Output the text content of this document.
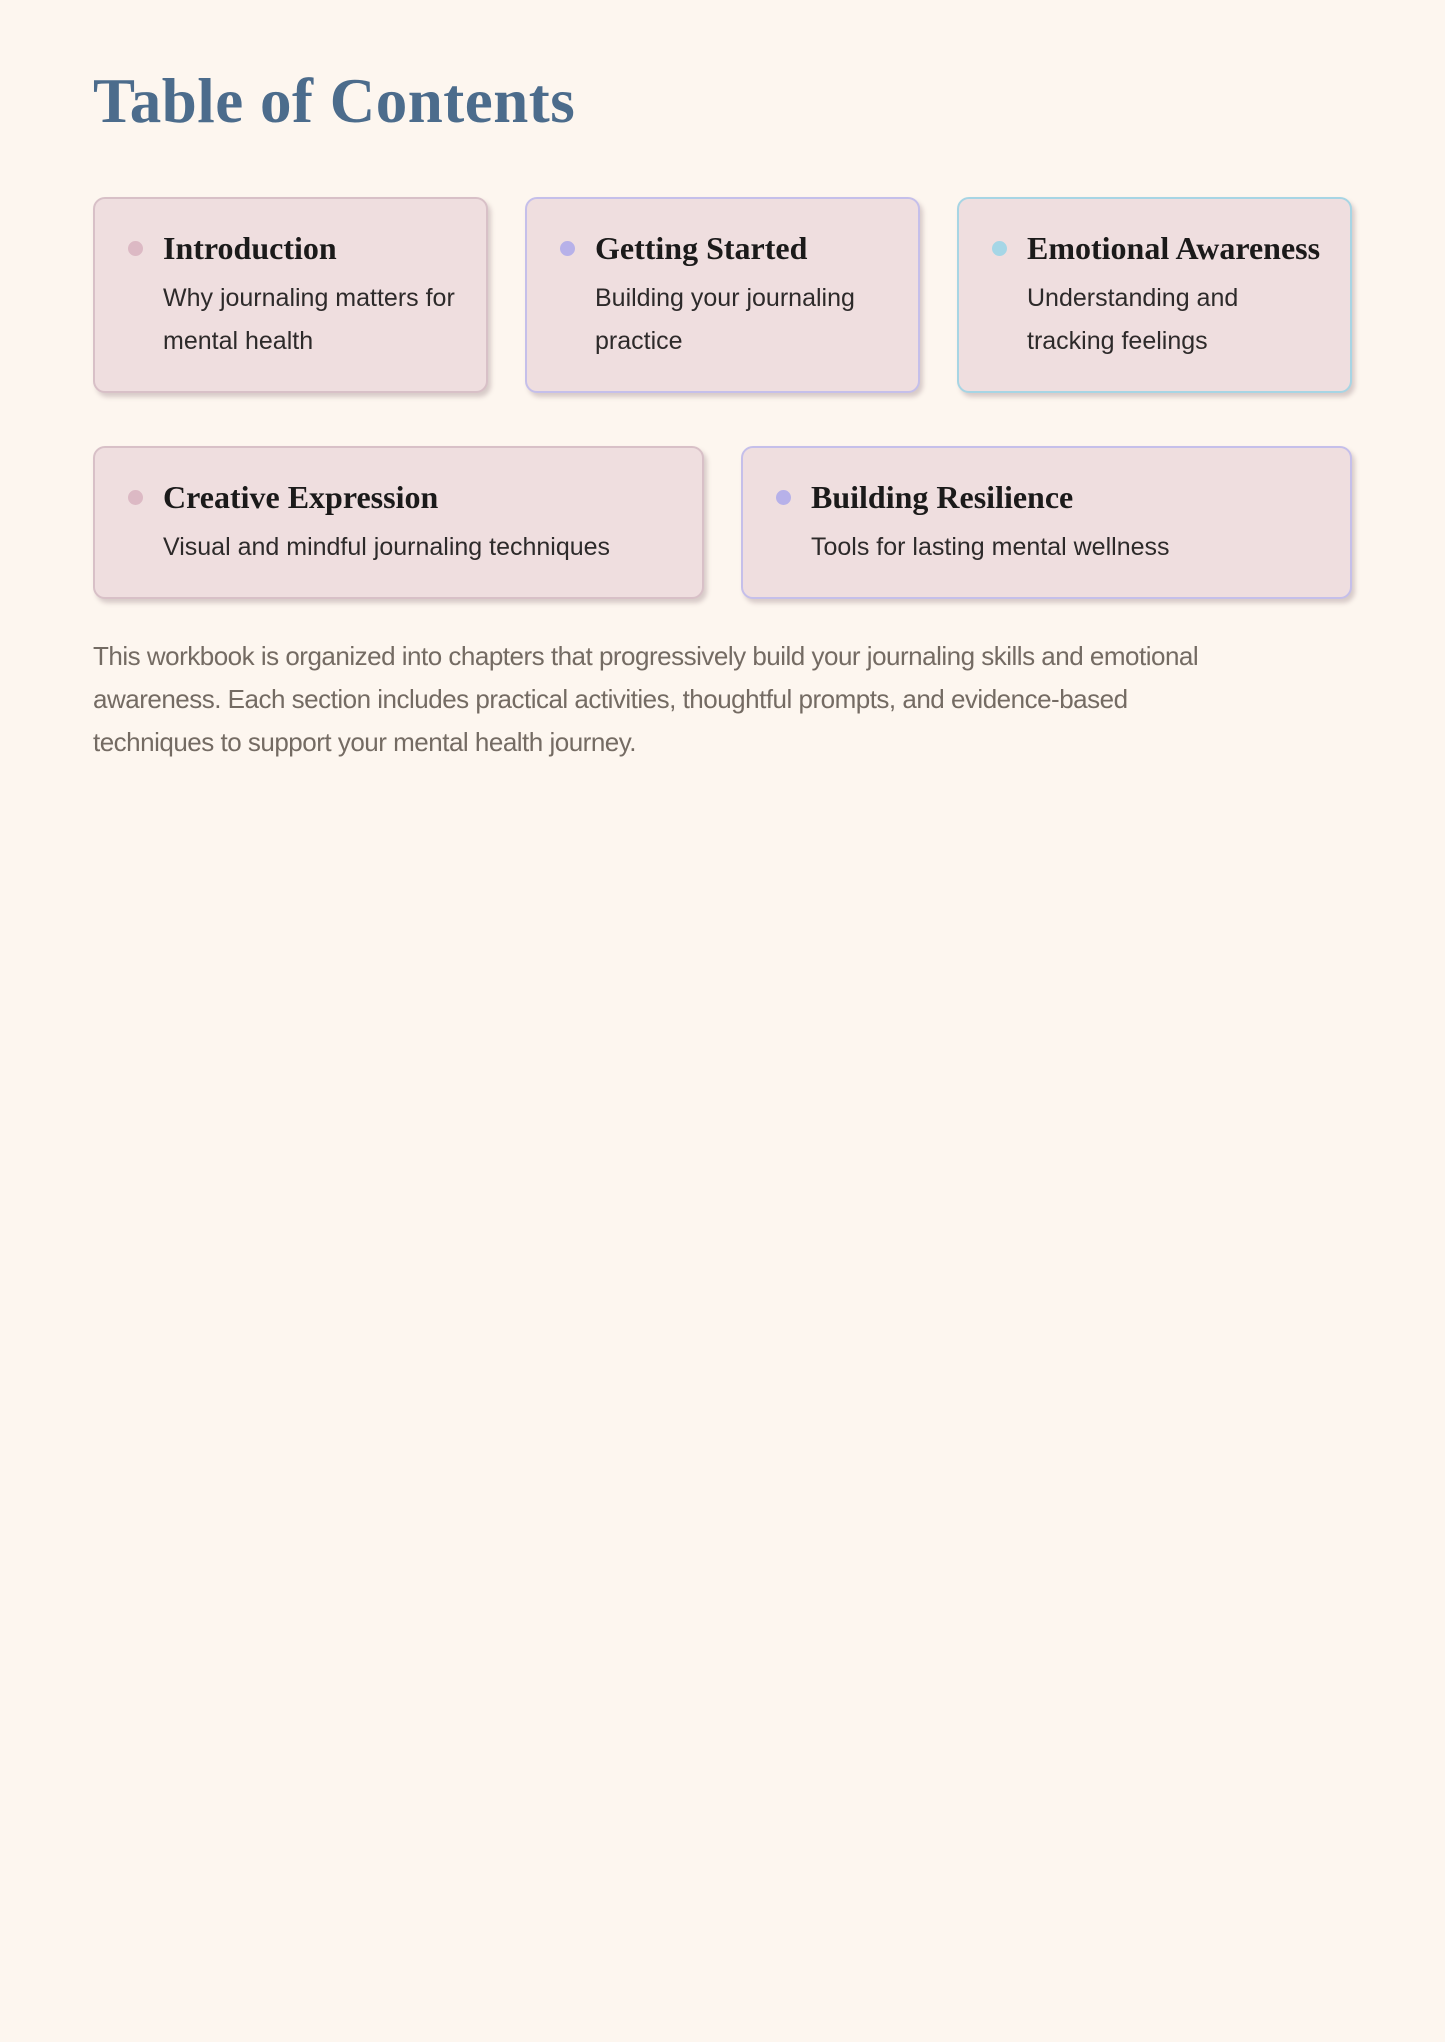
Table of Contents
Introduction
Why journaling matters for mental health
Getting Started
Building your journaling practice
Emotional Awareness
Understanding and tracking feelings
Creative Expression
Visual and mindful journaling techniques
Building Resilience
Tools for lasting mental wellness

This workbook is organized into chapters that progressively build your journaling skills and emotional
awareness. Each section includes practical activities, thoughtful prompts, and evidence-based
techniques to support your mental health journey.
